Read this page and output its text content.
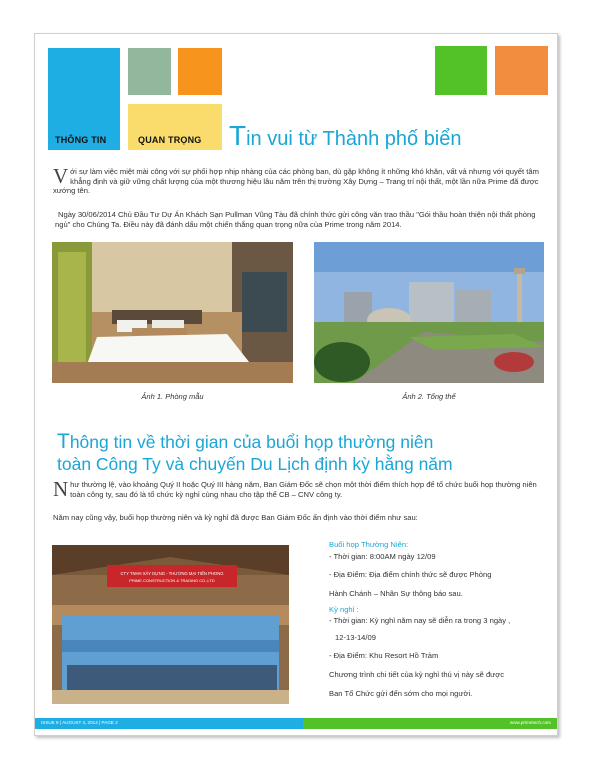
THÔNG TIN	QUAN TRỌNG Tin vui từ Thành phố biển
Với sự làm việc miệt mài công với sự phối hợp nhịp nhàng của các phòng ban, dù gặp không ít những khó khăn, vất vả nhưng với quyết tâm khẳng định và giữ vững chất lượng của một thương hiệu lâu năm trên thị trường Xây Dựng – Trang trí nội thất, một lần nữa Prime đã được xướng tên.
Ngày 30/06/2014 Chủ Đầu Tư Dự Án Khách Sạn Pullman Vũng Tàu đã chính thức gửi công văn trao thầu "Gói thầu hoàn thiện nội thất phòng ngủ" cho Chúng Ta. Điều này đã đánh dấu một chiến thắng quan trọng nữa của Prime trong năm 2014.
Ảnh 1. Phòng mẫu	Ảnh 2. Tổng thể
Thông tin về thời gian của buổi họp thường niên
toàn Công Ty và chuyến Du Lịch định kỳ hằng năm
Như thường lệ, vào khoảng Quý II hoặc Quý III hàng năm, Ban Giám Đốc sẽ chọn một thời điểm thích hợp để tổ chức buổi họp thường niên toàn công ty, sau đó là tổ chức kỳ nghỉ cùng nhau cho tập thể CB – CNV công ty.
Năm nay cũng vậy, buổi họp thường niên và kỳ nghỉ đã được Ban Giám Đốc ấn định vào thời điểm như sau:
CTY TNHH XÂY DỰNG - THƯƠNG MẠI TIẾN PHONG
PRIME CONSTRUCTION & TRADING CO.,LTD
Buổi họp Thường Niên:
- Thời gian: 8:00AM ngày 12/09
- Địa Điểm: Địa điểm chính thức sẽ được Phòng
Hành Chánh – Nhân Sự thông báo sau.
Kỳ nghỉ :
- Thời gian: Kỳ nghỉ năm nay sẽ diễn ra trong 3 ngày ,
12-13-14/09
- Địa Điểm: Khu Resort Hồ Tràm
Chương trình chi tiết của kỳ nghỉ thú vị này sẽ được
Ban Tổ Chức gửi đến sớm cho mọi người.
ISSUE 8 | AUGUST 4, 2014 | PAGE 2	www.primetech.com
